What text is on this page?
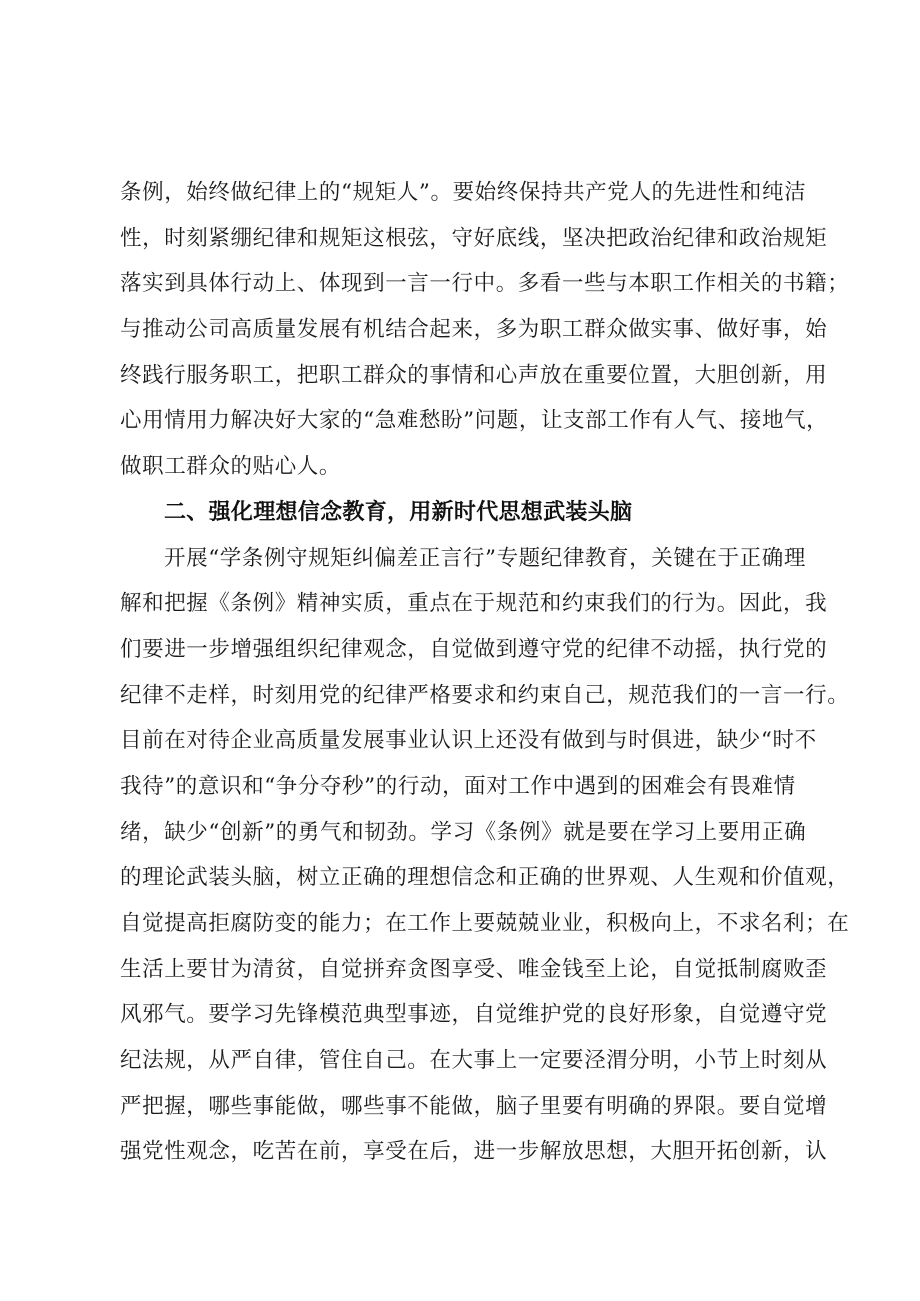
条例，始终做纪律上的“规矩人”。要始终保持共产党人的先进性和纯洁
性，时刻紧绷纪律和规矩这根弦，守好底线，坚决把政治纪律和政治规矩
落实到具体行动上、体现到一言一行中。多看一些与本职工作相关的书籍；
与推动公司高质量发展有机结合起来，多为职工群众做实事、做好事，始
终践行服务职工，把职工群众的事情和心声放在重要位置，大胆创新，用
心用情用力解决好大家的“急难愁盼”问题，让支部工作有人气、接地气，
做职工群众的贴心人。
二、强化理想信念教育，用新时代思想武装头脑
开展“学条例守规矩纠偏差正言行”专题纪律教育，关键在于正确理
解和把握《条例》精神实质，重点在于规范和约束我们的行为。因此，我
们要进一步增强组织纪律观念，自觉做到遵守党的纪律不动摇，执行党的
纪律不走样，时刻用党的纪律严格要求和约束自己，规范我们的一言一行。
目前在对待企业高质量发展事业认识上还没有做到与时俱进，缺少“时不
我待”的意识和“争分夺秒”的行动，面对工作中遇到的困难会有畏难情
绪，缺少“创新”的勇气和韧劲。学习《条例》就是要在学习上要用正确
的理论武装头脑，树立正确的理想信念和正确的世界观、人生观和价值观，
自觉提高拒腐防变的能力；在工作上要兢兢业业，积极向上，不求名利；在
生活上要甘为清贫，自觉拼弃贪图享受、唯金钱至上论，自觉抵制腐败歪
风邪气。要学习先锋模范典型事迹，自觉维护党的良好形象，自觉遵守党
纪法规，从严自律，管住自己。在大事上一定要泾渭分明，小节上时刻从
严把握，哪些事能做，哪些事不能做，脑子里要有明确的界限。要自觉增
强党性观念，吃苦在前，享受在后，进一步解放思想，大胆开拓创新，认
